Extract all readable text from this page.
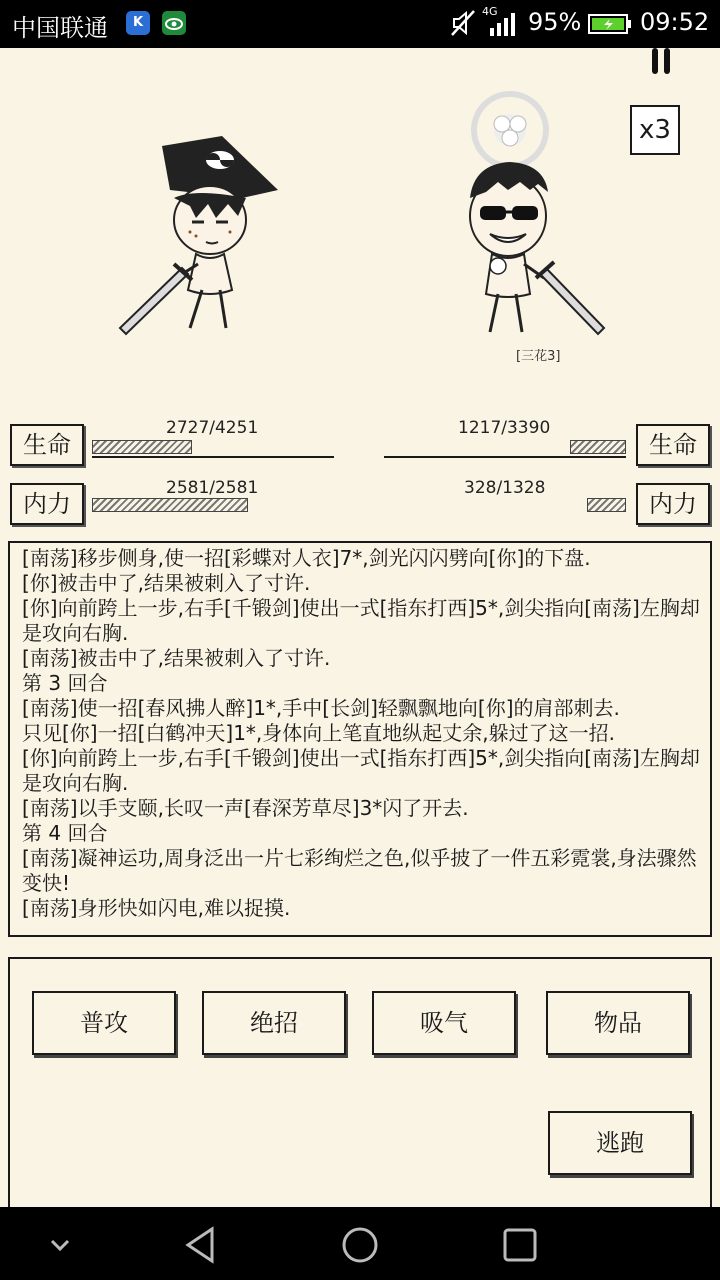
中国联通	K
4G 95% 09:52
x3
[三花3]
生命
2727/4251
内力
2581/2581
生命
1217/3390
内力
328/1328
[南荡]移步侧身,使一招[彩蝶对人衣]7*,剑光闪闪劈向[你]的下盘.
[你]被击中了,结果被刺入了寸许.
[你]向前跨上一步,右手[千锻剑]使出一式[指东打西]5*,剑尖指向[南荡]左胸却是攻向右胸.
[南荡]被击中了,结果被刺入了寸许.
第 3 回合
[南荡]使一招[春风拂人醉]1*,手中[长剑]轻飘飘地向[你]的肩部刺去.
只见[你]一招[白鹤冲天]1*,身体向上笔直地纵起丈余,躲过了这一招.
[你]向前跨上一步,右手[千锻剑]使出一式[指东打西]5*,剑尖指向[南荡]左胸却是攻向右胸.
[南荡]以手支颐,长叹一声[春深芳草尽]3*闪了开去.
第 4 回合
[南荡]凝神运功,周身泛出一片七彩绚烂之色,似乎披了一件五彩霓裳,身法骤然变快!
[南荡]身形快如闪电,难以捉摸.
普攻	绝招	吸气	物品
逃跑
